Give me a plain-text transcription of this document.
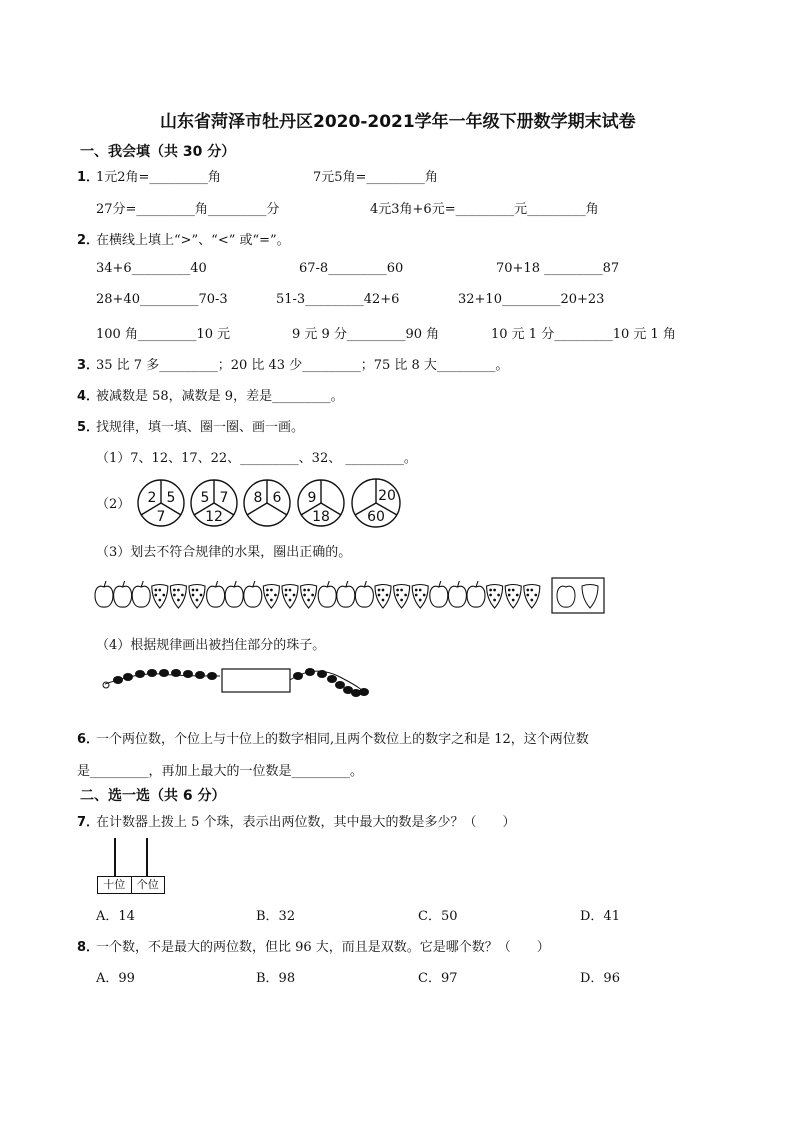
山东省菏泽市牡丹区2020-2021学年一年级下册数学期末试卷
一、我会填（共 30 分）
1．
1元2角=_________角	7元5角=_________角
27分=_________角_________分	4元3角+6元=_________元_________角
2．
在横线上填上“>”、“<” 或“=”。
34+6_________40	67-8_________60	70+18 _________87
28+40_________70-3	51-3_________42+6	32+10_________20+23
100 角_________10 元	9 元 9 分_________90 角	10 元 1 分_________10 元 1 角
3．
35 比 7 多_________；20 比 43 少_________；75 比 8 大_________。
4．
被减数是 58，减数是 9，差是_________。
5．
找规律，填一填、圈一圈、画一画。
（1）7、12、17、22、_________、32、 _________。
（2） 2 5
7
5 7
12
8 6 9
18
20
60
（3）划去不符合规律的水果，圈出正确的。
（4）根据规律画出被挡住部分的珠子。
6．
一个两位数，个位上与十位上的数字相同,且两个数位上的数字之和是 12，这个两位数
是_________，再加上最大的一位数是_________。
二、选一选（共 6 分）
7．
在计数器上拨上 5 个珠，表示出两位数，其中最大的数是多少？（　　）
十位	个位
A．14	B．32	C．50	D．41
8．
一个数，不是最大的两位数，但比 96 大，而且是双数。它是哪个数？（　　）
A．99	B．98	C．97	D．96
